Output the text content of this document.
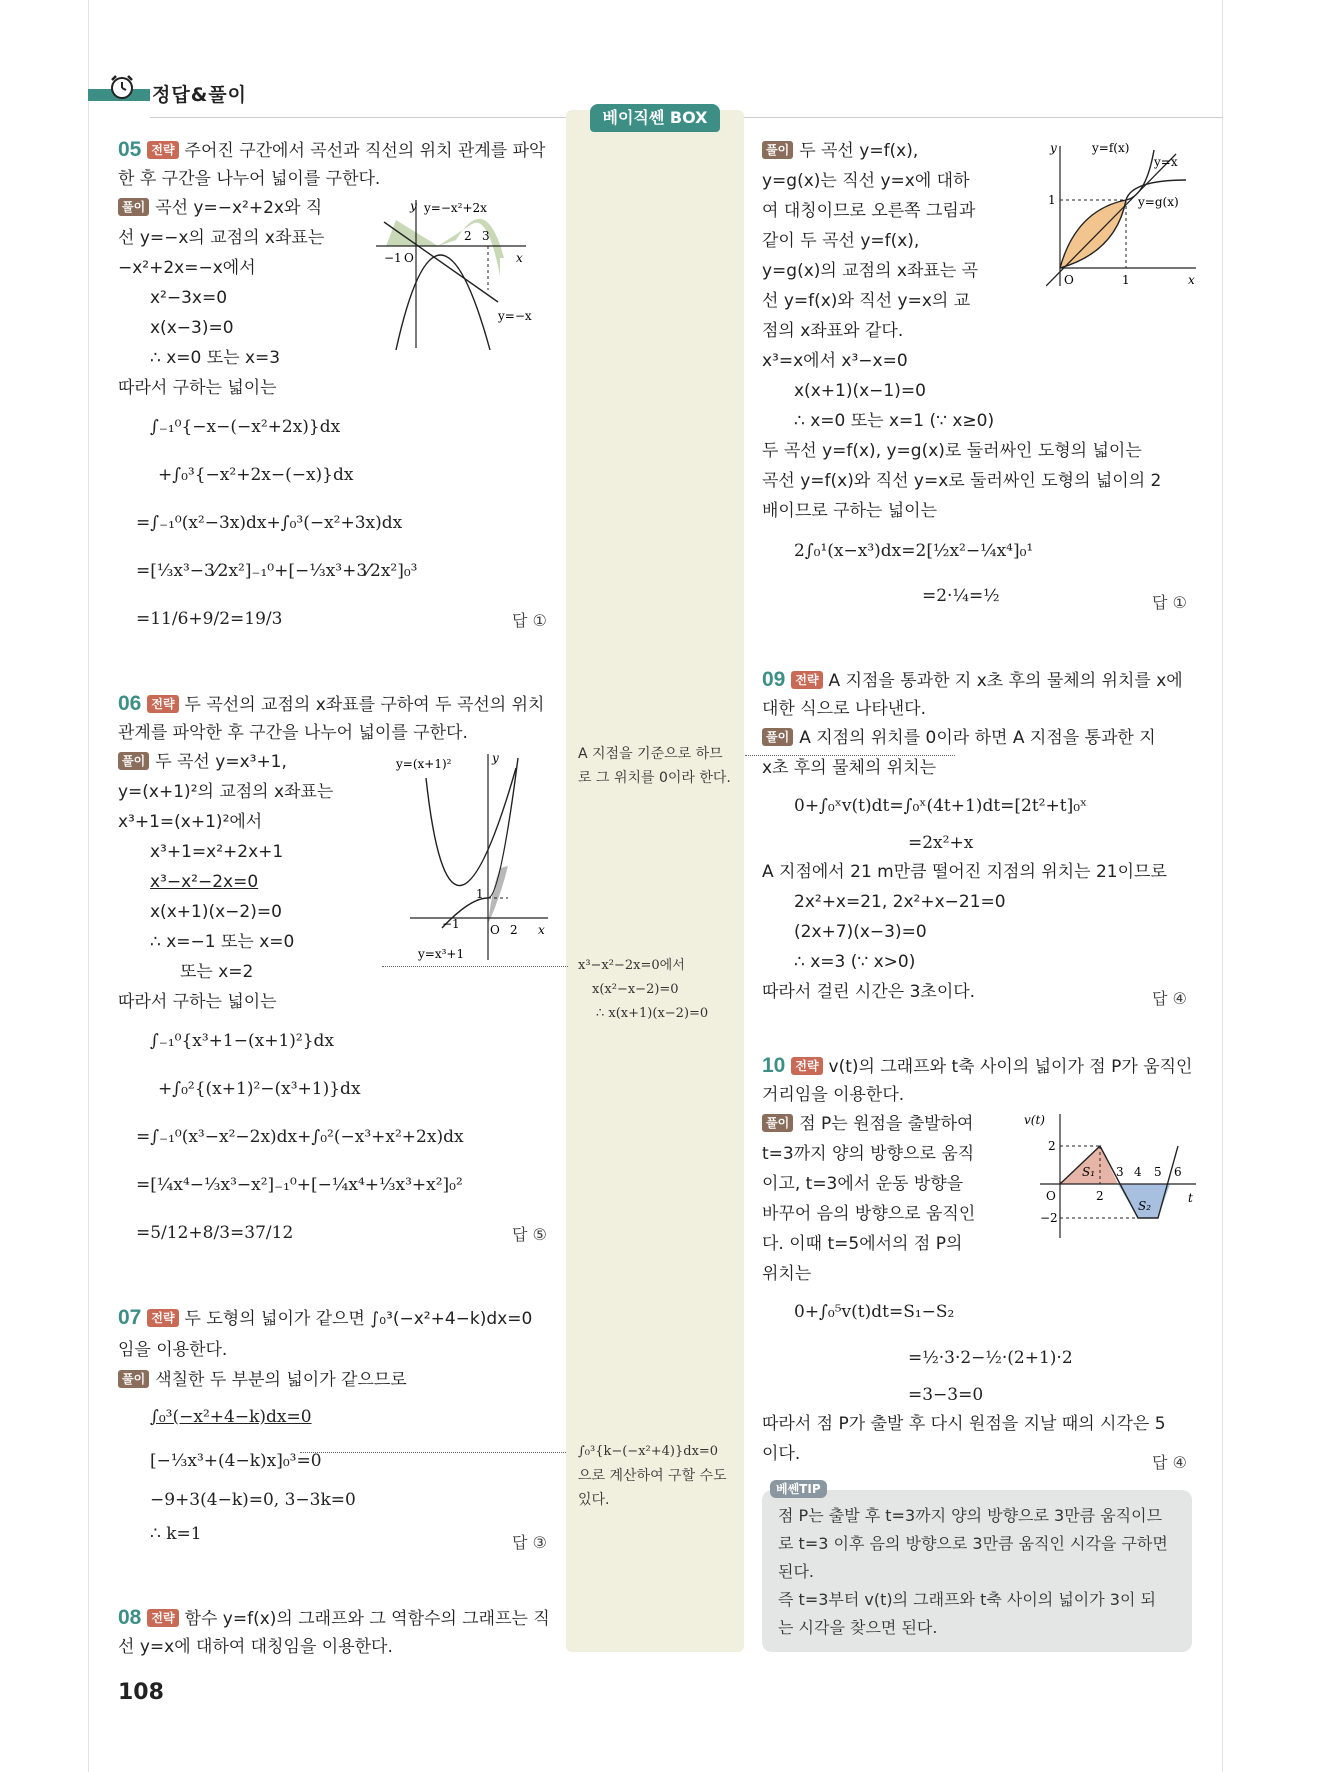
정답&풀이
베이직쎈 BOX
05 전략 주어진 구간에서 곡선과 직선의 위치 관계를 파악한 후 구간을 나누어 넓이를 구한다.
풀이 곡선 y=−x²+2x와 직
선 y=−x의 교점의 x좌표는
−x²+2x=−x에서
x²−3x=0
x(x−3)=0
∴ x=0 또는 x=3
따라서 구하는 넓이는
∫₋₁⁰{−x−(−x²+2x)}dx
+∫₀³{−x²+2x−(−x)}dx
=∫₋₁⁰(x²−3x)dx+∫₀³(−x²+3x)dx
=[⅓x³−3⁄2x²]₋₁⁰+[−⅓x³+3⁄2x²]₀³
=11/6+9/2=19/3	답 ①
y=−x²+2x
y=−x
−1 O
2 3
x
y
06 전략 두 곡선의 교점의 x좌표를 구하여 두 곡선의 위치 관계를 파악한 후 구간을 나누어 넓이를 구한다.
풀이 두 곡선 y=x³+1,
y=(x+1)²의 교점의 x좌표는
x³+1=(x+1)²에서
x³+1=x²+2x+1
x³−x²−2x=0
x(x+1)(x−2)=0
∴ x=−1 또는 x=0
또는 x=2
따라서 구하는 넓이는
∫₋₁⁰{x³+1−(x+1)²}dx
+∫₀²{(x+1)²−(x³+1)}dx
=∫₋₁⁰(x³−x²−2x)dx+∫₀²(−x³+x²+2x)dx
=[¼x⁴−⅓x³−x²]₋₁⁰+[−¼x⁴+⅓x³+x²]₀²
=5/12+8/3=37/12	답 ⑤
y=(x+1)²
y=x³+1
−1	O 2
1
x
y
07 전략 두 도형의 넓이가 같으면 ∫₀³(−x²+4−k)dx=0
임을 이용한다.
풀이 색칠한 두 부분의 넓이가 같으므로
∫₀³(−x²+4−k)dx=0
[−⅓x³+(4−k)x]₀³=0
−9+3(4−k)=0, 3−3k=0
∴ k=1	답 ③
08 전략 함수 y=f(x)의 그래프와 그 역함수의 그래프는 직선 y=x에 대하여 대칭임을 이용한다.
108
A 지점을 기준으로 하므
로 그 위치를 0이라 한다.
x³−x²−2x=0에서
x(x²−x−2)=0
∴ x(x+1)(x−2)=0
∫₀³{k−(−x²+4)}dx=0
으로 계산하여 구할 수도
있다.
풀이 두 곡선 y=f(x),
y=g(x)는 직선 y=x에 대하
여 대칭이므로 오른쪽 그림과
같이 두 곡선 y=f(x),
y=g(x)의 교점의 x좌표는 곡
선 y=f(x)와 직선 y=x의 교
점의 x좌표와 같다.
x³=x에서 x³−x=0
x(x+1)(x−1)=0
∴ x=0 또는 x=1 (∵ x≥0)
두 곡선 y=f(x), y=g(x)로 둘러싸인 도형의 넓이는
곡선 y=f(x)와 직선 y=x로 둘러싸인 도형의 넓이의 2
배이므로 구하는 넓이는
2∫₀¹(x−x³)dx=2[½x²−¼x⁴]₀¹
=2·¼=½	답 ①
y=f(x)
y=x
y=g(x)
O	1
1
x
y
09 전략 A 지점을 통과한 지 x초 후의 물체의 위치를 x에 대한 식으로 나타낸다.
풀이 A 지점의 위치를 0이라 하면 A 지점을 통과한 지
x초 후의 물체의 위치는
0+∫₀ˣv(t)dt=∫₀ˣ(4t+1)dt=[2t²+t]₀ˣ
=2x²+x
A 지점에서 21 m만큼 떨어진 지점의 위치는 21이므로
2x²+x=21, 2x²+x−21=0
(2x+7)(x−3)=0
∴ x=3 (∵ x>0)
따라서 걸린 시간은 3초이다.	답 ④
10 전략 v(t)의 그래프와 t축 사이의 넓이가 점 P가 움직인 거리임을 이용한다.
풀이 점 P는 원점을 출발하여
t=3까지 양의 방향으로 움직
이고, t=3에서 운동 방향을
바꾸어 음의 방향으로 움직인
다. 이때 t=5에서의 점 P의
위치는
0+∫₀⁵v(t)dt=S₁−S₂
=½·3·2−½·(2+1)·2
=3−3=0
따라서 점 P가 출발 후 다시 원점을 지날 때의 시각은 5
이다.	답 ④
v(t)
t
O	2
3 4 5 6
2
−2
S₁
S₂
베쎈TIP
점 P는 출발 후 t=3까지 양의 방향으로 3만큼 움직이므
로 t=3 이후 음의 방향으로 3만큼 움직인 시각을 구하면
된다.
즉 t=3부터 v(t)의 그래프와 t축 사이의 넓이가 3이 되
는 시각을 찾으면 된다.
